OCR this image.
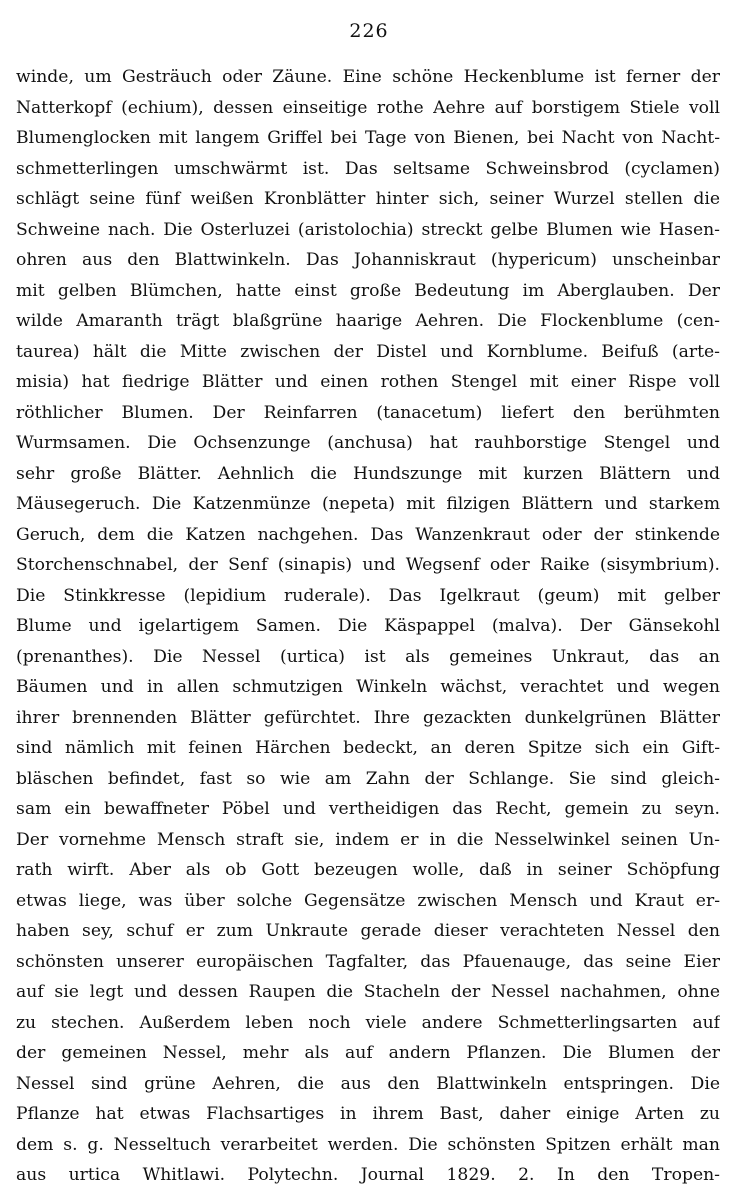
226
winde, um Gesträuch oder Zäune. Eine schöne Heckenblume ist ferner der
Natterkopf (echium), dessen einseitige rothe Aehre auf borstigem Stiele voll
Blumenglocken mit langem Griffel bei Tage von Bienen, bei Nacht von Nacht-
schmetterlingen umschwärmt ist. Das seltsame Schweinsbrod (cyclamen)
schlägt seine fünf weißen Kronblätter hinter sich, seiner Wurzel stellen die
Schweine nach. Die Osterluzei (aristolochia) streckt gelbe Blumen wie Hasen-
ohren aus den Blattwinkeln. Das Johanniskraut (hypericum) unscheinbar
mit gelben Blümchen, hatte einst große Bedeutung im Aberglauben. Der
wilde Amaranth trägt blaßgrüne haarige Aehren. Die Flockenblume (cen-
taurea) hält die Mitte zwischen der Distel und Kornblume. Beifuß (arte-
misia) hat fiedrige Blätter und einen rothen Stengel mit einer Rispe voll
röthlicher Blumen. Der Reinfarren (tanacetum) liefert den berühmten
Wurmsamen. Die Ochsenzunge (anchusa) hat rauhborstige Stengel und
sehr große Blätter. Aehnlich die Hundszunge mit kurzen Blättern und
Mäusegeruch. Die Katzenmünze (nepeta) mit filzigen Blättern und starkem
Geruch, dem die Katzen nachgehen. Das Wanzenkraut oder der stinkende
Storchenschnabel, der Senf (sinapis) und Wegsenf oder Raike (sisymbrium).
Die Stinkkresse (lepidium ruderale). Das Igelkraut (geum) mit gelber
Blume und igelartigem Samen. Die Käspappel (malva). Der Gänsekohl
(prenanthes). Die Nessel (urtica) ist als gemeines Unkraut, das an
Bäumen und in allen schmutzigen Winkeln wächst, verachtet und wegen
ihrer brennenden Blätter gefürchtet. Ihre gezackten dunkelgrünen Blätter
sind nämlich mit feinen Härchen bedeckt, an deren Spitze sich ein Gift-
bläschen befindet, fast so wie am Zahn der Schlange. Sie sind gleich-
sam ein bewaffneter Pöbel und vertheidigen das Recht, gemein zu seyn.
Der vornehme Mensch straft sie, indem er in die Nesselwinkel seinen Un-
rath wirft. Aber als ob Gott bezeugen wolle, daß in seiner Schöpfung
etwas liege, was über solche Gegensätze zwischen Mensch und Kraut er-
haben sey, schuf er zum Unkraute gerade dieser verachteten Nessel den
schönsten unserer europäischen Tagfalter, das Pfauenauge, das seine Eier
auf sie legt und dessen Raupen die Stacheln der Nessel nachahmen, ohne
zu stechen. Außerdem leben noch viele andere Schmetterlingsarten auf
der gemeinen Nessel, mehr als auf andern Pflanzen. Die Blumen der
Nessel sind grüne Aehren, die aus den Blattwinkeln entspringen. Die
Pflanze hat etwas Flachsartiges in ihrem Bast, daher einige Arten zu
dem s. g. Nesseltuch verarbeitet werden. Die schönsten Spitzen erhält man
aus urtica Whitlawi. Polytechn. Journal 1829. 2. In den Tropen-
